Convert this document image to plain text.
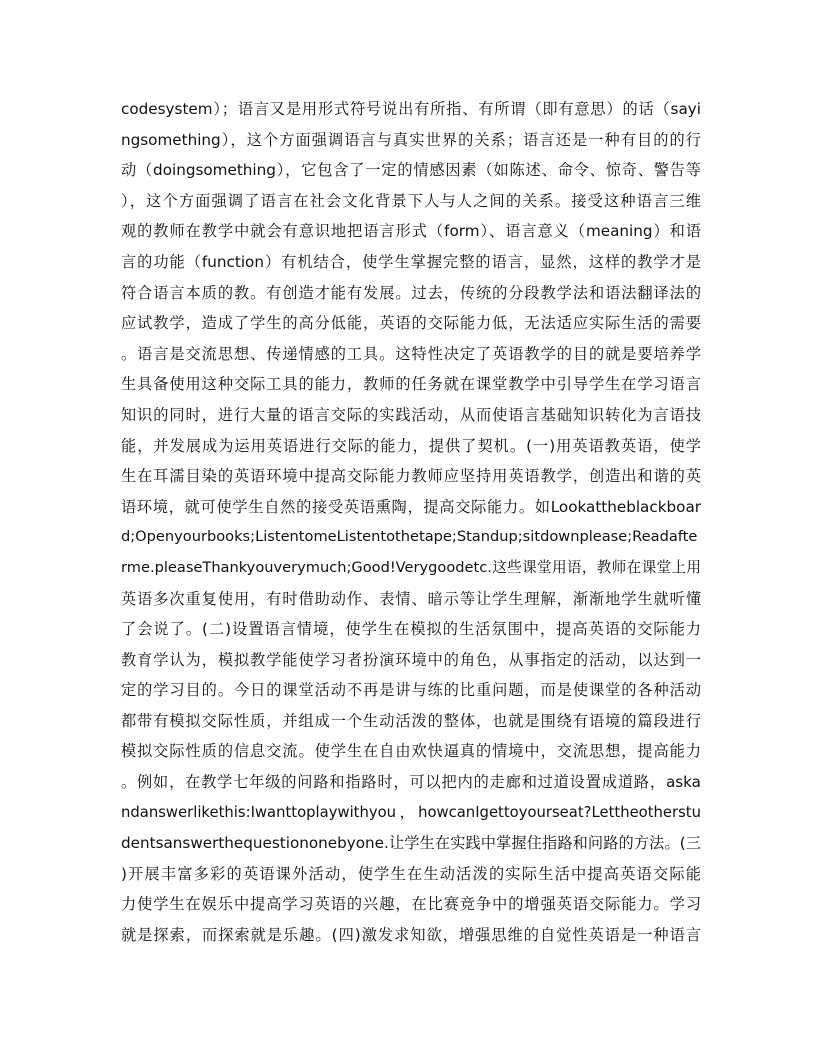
codesystem）；语言又是用形式符号说出有所指、有所谓（即有意思）的话（sayi
ngsomething），这个方面强调语言与真实世界的关系；语言还是一种有目的的行
动（doingsomething），它包含了一定的情感因素（如陈述、命令、惊奇、警告等
），这个方面强调了语言在社会文化背景下人与人之间的关系。接受这种语言三维
观的教师在教学中就会有意识地把语言形式（form）、语言意义（meaning）和语
言的功能（function）有机结合，使学生掌握完整的语言，显然，这样的教学才是
符合语言本质的教。有创造才能有发展。过去，传统的分段教学法和语法翻译法的
应试教学，造成了学生的高分低能，英语的交际能力低，无法适应实际生活的需要
。语言是交流思想、传递情感的工具。这特性决定了英语教学的目的就是要培养学
生具备使用这种交际工具的能力，教师的任务就在课堂教学中引导学生在学习语言
知识的同时，进行大量的语言交际的实践活动，从而使语言基础知识转化为言语技
能，并发展成为运用英语进行交际的能力，提供了契机。(一)用英语教英语，使学
生在耳濡目染的英语环境中提高交际能力教师应坚持用英语教学，创造出和谐的英
语环境，就可使学生自然的接受英语熏陶，提高交际能力。如Lookattheblackboar
d;Openyourbooks;ListentomeListentothetape;Standup;sitdownplease;Readafte
rme.pleaseThankyouverymuch;Good!Verygoodetc.这些课堂用语，教师在课堂上用
英语多次重复使用，有时借助动作、表情、暗示等让学生理解，渐渐地学生就听懂
了会说了。(二)设置语言情境，使学生在模拟的生活氛围中，提高英语的交际能力
教育学认为，模拟教学能使学习者扮演环境中的角色，从事指定的活动，以达到一
定的学习目的。今日的课堂活动不再是讲与练的比重问题，而是使课堂的各种活动
都带有模拟交际性质，并组成一个生动活泼的整体，也就是围绕有语境的篇段进行
模拟交际性质的信息交流。使学生在自由欢快逼真的情境中，交流思想，提高能力
。例如，在教学七年级的问路和指路时，可以把内的走廊和过道设置成道路，aska
ndanswerlikethis:Iwanttoplaywithyou，howcanIgettoyourseat?Lettheotherstu
dentsanswerthequestiononebyone.让学生在实践中掌握住指路和问路的方法。(三
)开展丰富多彩的英语课外活动，使学生在生动活泼的实际生活中提高英语交际能
力使学生在娱乐中提高学习英语的兴趣，在比赛竞争中的增强英语交际能力。学习
就是探索，而探索就是乐趣。(四)激发求知欲，增强思维的自觉性英语是一种语言
